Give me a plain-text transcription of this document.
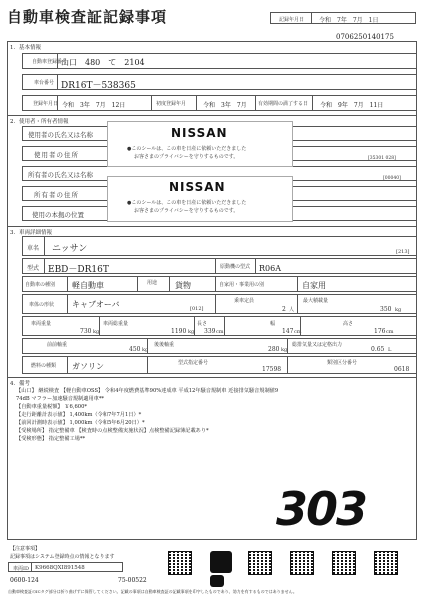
自動車検査証記録事項	記録年月日 令和　7年　7月　1日
0706250140175
1．基本情報
自動車登録番号
山口　480　て　2104
車台番号 DR16T－538365
登録年月日 令和　3年　7月　12日	初度登録年月	令和　3年　7月 有効期間の満了する日 令和　9年　7月　11日
2．使用者・所有者情報
使用者の氏名又は名称
使用者の住所	[35301 028]
所有者の氏名又は名称	[00040]
所有者の住所
使用の本拠の位置
NISSAN
●このシールは、この車を日産に依頼いただきました
お客さまのプライバシーを守りするものです。
NISSAN
●このシールは、この車を日産に依頼いただきました
お客さまのプライバシーを守りするものです。
3．車両詳細情報
車名 ニッサン	[213]
型式 EBD－DR16T	原動機の型式 R06A
自動車の種別 軽自動車	用途 貨物	自家用・事業用の別	自家用
車体の形状 キャブオーバ	[012]
乗車定員
2 人
最大積載量
350 kg
車両重量
730 kg
車両総重量
1190 kg
長さ
339 cm
幅
147 cm
高さ
176 cm
前前軸重
450 kg
後後軸重
280 kg
総排気量又は定格出力
0.65 L
燃料の種類 ガソリン	型式指定番号
17598
類別区分番号
0618
4．備考
【山口】 継続検査 【軽自動車OSS】 令和4年度燃費基準90%達成車 平成12年騒音規制車 近接排気騒音規制値9
74dB マフラー加速騒音規制適用車**
【自動車重量税額】 ￥6,600*
【走行距離計表示値】 1,400km（令和7年7月1日）*
【前回計測時表示値】 1,000km（令和5年6月20日）*
【受検場所】 指定整備車 【検査時の点検整備実施状況】点検整備記録簿記載あり*
【受検形態】 指定整備工場**
303
【注意事項】
記録事項はシステム登録時点の情報となります
車両ID K9668QXI891548
0600-124	75-00522
自動車検査証のICタグ部分は折り曲げずに保管してください。記載の事項は自動車検査証の記載事項を印字したものであり、効力を有するものではありません。
